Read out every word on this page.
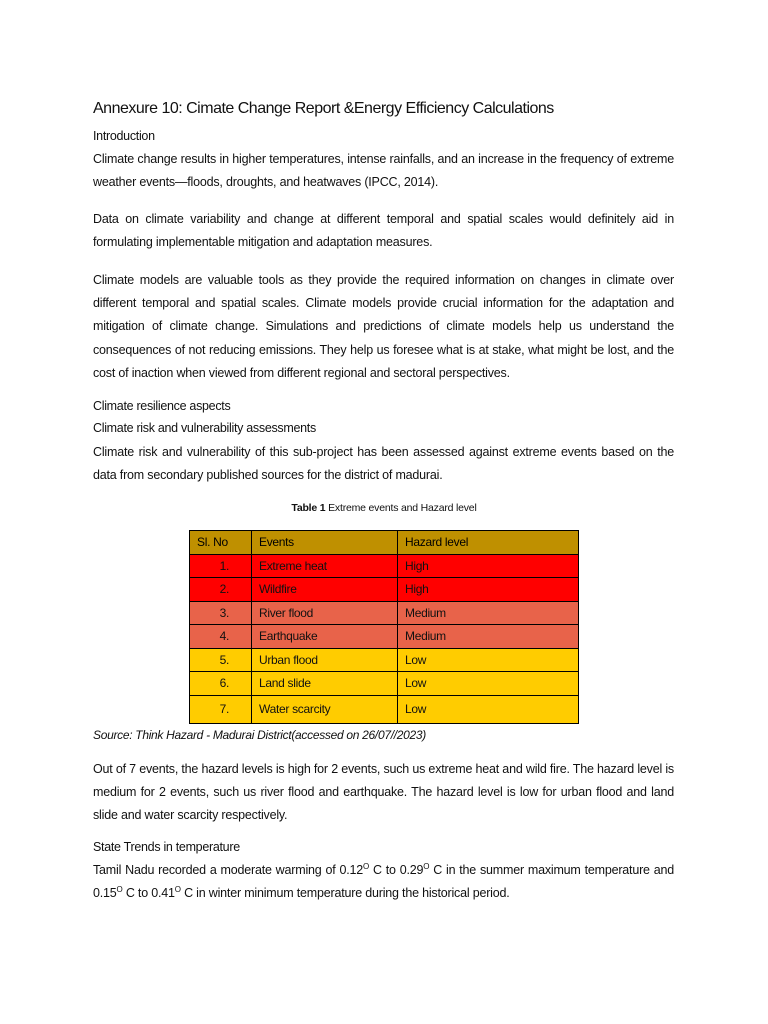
Annexure 10: Cimate Change Report &Energy Efficiency Calculations
Introduction

Climate change results in higher temperatures, intense rainfalls, and an increase in the frequency of extreme weather events—floods, droughts, and heatwaves (IPCC, 2014).

Data on climate variability and change at different temporal and spatial scales would definitely aid in formulating implementable mitigation and adaptation measures.

Climate models are valuable tools as they provide the required information on changes in climate over different temporal and spatial scales. Climate models provide crucial information for the adaptation and mitigation of climate change. Simulations and predictions of climate models help us understand the consequences of not reducing emissions. They help us foresee what is at stake, what might be lost, and the cost of inaction when viewed from different regional and sectoral perspectives.

Climate resilience aspects
Climate risk and vulnerability assessments

Climate risk and vulnerability of this sub-project has been assessed against extreme events based on the data from secondary published sources for the district of madurai.

Table 1 Extreme events and Hazard level

Sl. No	Events	Hazard level
1.	Extreme heat	High
2.	Wildfire	High
3.	River flood	Medium
4.	Earthquake	Medium
5.	Urban flood	Low
6.	Land slide	Low
7.	Water scarcity	Low

Source: Think Hazard - Madurai District(accessed on 26/07//2023)

Out of 7 events, the hazard levels is high for 2 events, such us extreme heat and wild fire. The hazard level is medium for 2 events, such us river flood and earthquake. The hazard level is low for urban flood and land slide and water scarcity respectively.

State Trends in temperature

Tamil Nadu recorded a moderate warming of $0.12^O$ C to $0.29^O$ C in the summer maximum temperature and $0.15^O$ C to $0.41^O$ C in winter minimum temperature during the historical period.
